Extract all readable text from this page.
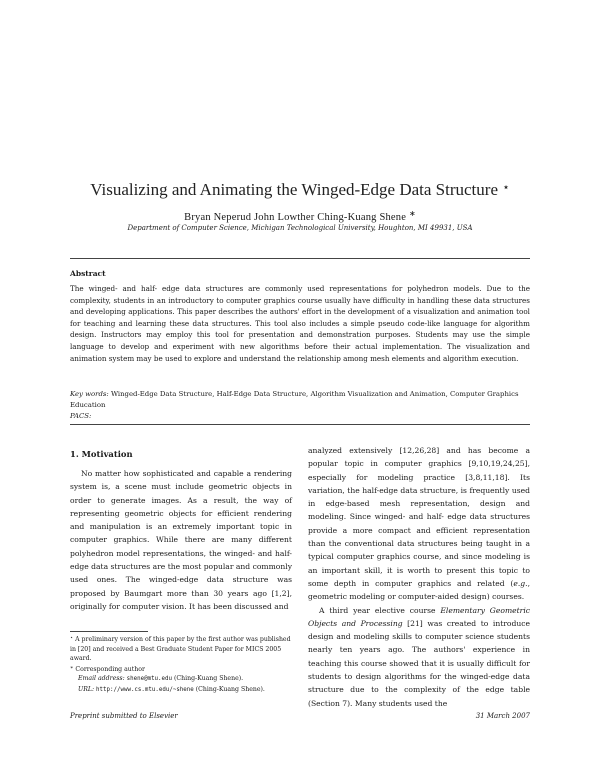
Visualizing and Animating the Winged-Edge Data Structure ⋆
Bryan Neperud John Lowther Ching-Kuang Shene ∗
Department of Computer Science, Michigan Technological University, Houghton, MI 49931, USA
Abstract
The winged- and half- edge data structures are commonly used representations for polyhedron models. Due to the complexity, students in an introductory to computer graphics course usually have difficulty in handling these data structures and developing applications. This paper describes the authors' effort in the development of a visualization and animation tool for teaching and learning these data structures. This tool also includes a simple pseudo code-like language for algorithm design. Instructors may employ this tool for presentation and demonstration purposes. Students may use the simple language to develop and experiment with new algorithms before their actual implementation. The visualization and animation system may be used to explore and understand the relationship among mesh elements and algorithm execution.
Key words: Winged-Edge Data Structure, Half-Edge Data Structure, Algorithm Visualization and Animation, Computer Graphics Education
PACS:
1. Motivation

No matter how sophisticated and capable a rendering system is, a scene must include geometric objects in order to generate images. As a result, the way of representing geometric objects for efficient rendering and manipulation is an extremely important topic in computer graphics. While there are many different polyhedron model representations, the winged- and half- edge data structures are the most popular and commonly used ones. The winged-edge data structure was proposed by Baumgart more than 30 years ago [1,2], originally for computer vision. It has been discussed and

analyzed extensively [12,26,28] and has become a popular topic in computer graphics [9,10,19,24,25], especially for modeling practice [3,8,11,18]. Its variation, the half-edge data structure, is frequently used in edge-based mesh representation, design and modeling. Since winged- and half- edge data structures provide a more compact and efficient representation than the conventional data structures being taught in a typical computer graphics course, and since modeling is an important skill, it is worth to present this topic to some depth in computer graphics and related (e.g., geometric modeling or computer-aided design) courses.

A third year elective course Elementary Geometric Objects and Processing [21] was created to introduce design and modeling skills to computer science students nearly ten years ago. The authors' experience in teaching this course showed that it is usually difficult for students to design algorithms for the winged-edge data structure due to the complexity of the edge table (Section 7). Many students used the

⋆ A preliminary version of this paper by the first author was published in [20] and received a Best Graduate Student Paper for MICS 2005 award.

∗ Corresponding author

Email address: shene@mtu.edu (Ching-Kuang Shene).

URL: http://www.cs.mtu.edu/~shene (Ching-Kuang Shene).

Preprint submitted to Elsevier	31 March 2007
